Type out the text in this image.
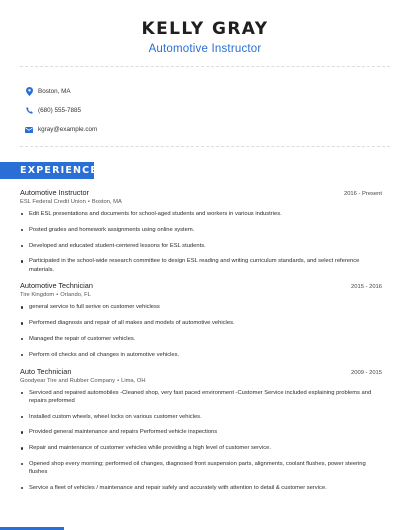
KELLY GRAY
Automotive Instructor
Boston, MA
(680) 555-7885
kgray@example.com
EXPERIENCE
Automotive Instructor	2016 - Present
ESL Federal Credit Union • Boston, MA
Edit ESL presentations and documents for school-aged students and workers in various industries.
Posted grades and homework assignments using online system.
Developed and educated student-centered lessons for ESL students.
Participated in the school-wide research committee to design ESL reading and writing curriculum standards, and select reference materials.
Automotive Technician	2015 - 2016
Tire Kingdom • Orlando, FL
general service to full serive on customer vehicless
Performed diagnosis and repair of all makes and models of automotive vehicles.
Managed the repair of customer vehicles.
Perform oil checks and oil changes in automotive vehicles.
Auto Technician	2009 - 2015
Goodyear Tire and Rubber Company • Lima, OH
Serviced and repaired automobiles -Cleaned shop, very fast paced environment -Customer Service included explaining problems and repairs preformed
Installed custom wheels, wheel locks on various customer vehicles.
Provided general maintenance and repairs Performed vehicle inspections
Repair and maintenance of customer vehicles while providing a high level of customer service.
Opened shop every morning; performed oil changes, diagnosed front suspension parts, alignments, coolant flushes, power steering flushes
Service a fleet of vehicles / maintenance and repair safely and accurately with attention to detail & customer service.
